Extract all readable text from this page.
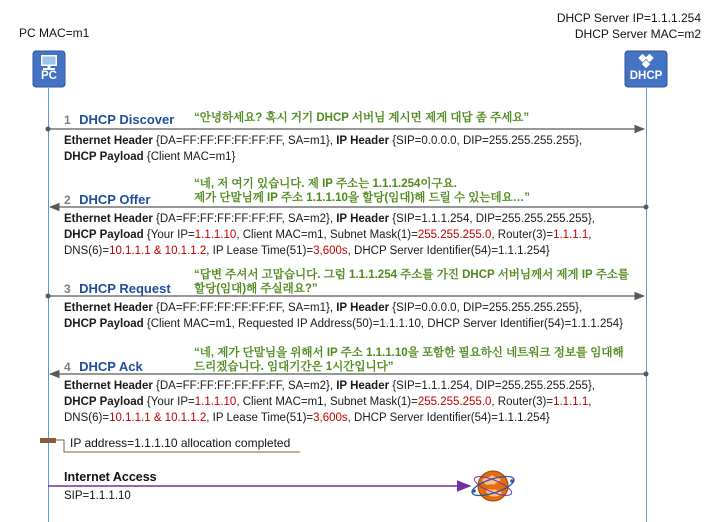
PC MAC=m1
DHCP Server IP=1.1.1.254
DHCP Server MAC=m2
PC	DHCP
1 DHCP Discover “안녕하세요? 혹시 거기 DHCP 서버님 계시면 제게 대답 좀 주세요”
Ethernet Header {DA=FF:FF:FF:FF:FF:FF, SA=m1}, IP Header {SIP=0.0.0.0, DIP=255.255.255.255},
DHCP Payload {Client MAC=m1}
“네, 저 여기 있습니다. 제 IP 주소는 1.1.1.254이구요.
제가 단말님께 IP 주소 1.1.1.10을 할당(임대)해 드릴 수 있는데요…”
2 DHCP Offer
Ethernet Header {DA=FF:FF:FF:FF:FF:FF, SA=m2}, IP Header {SIP=1.1.1.254, DIP=255.255.255.255},
DHCP Payload {Your IP=1.1.1.10, Client MAC=m1, Subnet Mask(1)=255.255.255.0, Router(3)=1.1.1.1,
DNS(6)=10.1.1.1 & 10.1.1.2, IP Lease Time(51)=3,600s, DHCP Server Identifier(54)=1.1.1.254}
“답변 주셔서 고맙습니다. 그럼 1.1.1.254 주소를 가진 DHCP 서버님께서 제게 IP 주소를
할당(임대)해 주실래요?”
3 DHCP Request
Ethernet Header {DA=FF:FF:FF:FF:FF:FF, SA=m1}, IP Header {SIP=0.0.0.0, DIP=255.255.255.255},
DHCP Payload {Client MAC=m1, Requested IP Address(50)=1.1.1.10, DHCP Server Identifier(54)=1.1.1.254}
“네, 제가 단말님을 위해서 IP 주소 1.1.1.10을 포함한 필요하신 네트워크 정보를 임대해
드리겠습니다. 임대기간은 1시간입니다”
4 DHCP Ack
Ethernet Header {DA=FF:FF:FF:FF:FF:FF, SA=m2}, IP Header {SIP=1.1.1.254, DIP=255.255.255.255},
DHCP Payload {Your IP=1.1.1.10, Client MAC=m1, Subnet Mask(1)=255.255.255.0, Router(3)=1.1.1.1,
DNS(6)=10.1.1.1 & 10.1.1.2, IP Lease Time(51)=3,600s, DHCP Server Identifier(54)=1.1.1.254}
IP address=1.1.1.10 allocation completed
Internet Access
SIP=1.1.1.10
